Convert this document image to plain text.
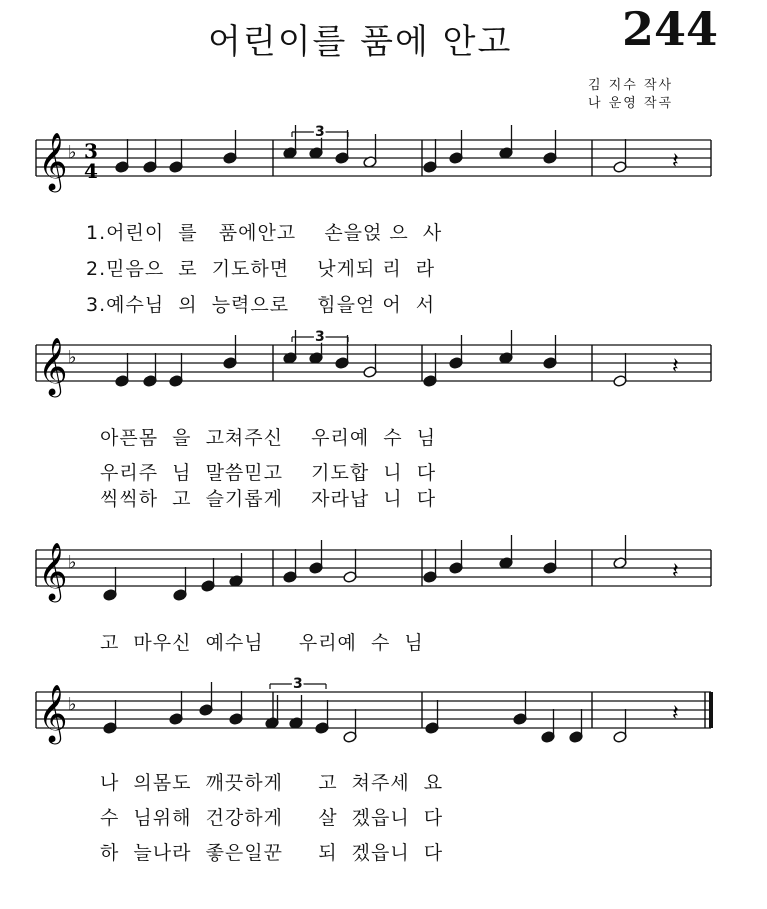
어린이를 품에 안고 244
김 지수 작사
나 운영 작곡
𝄞 ♭
𝄞 ♭
𝄞 ♭
𝄞 ♭
𝄽
𝄽
𝄽
𝄽
3
4
3
3
3
1.어린이  를   품에안고    손을얹 으  사
2.믿음으  로  기도하면    낫게되 리  라
3.예수님  의  능력으로    힘을얻 어  서
아픈몸  을  고쳐주신    우리예  수  님
우리주  님  말씀믿고    기도합  니  다
씩씩하  고  슬기롭게    자라납  니  다
고  마우신  예수님     우리예  수  님
나  의몸도  깨끗하게     고  쳐주세  요
수  님위해  건강하게     살  겠읍니  다
하  늘나라  좋은일꾼     되  겠읍니  다
